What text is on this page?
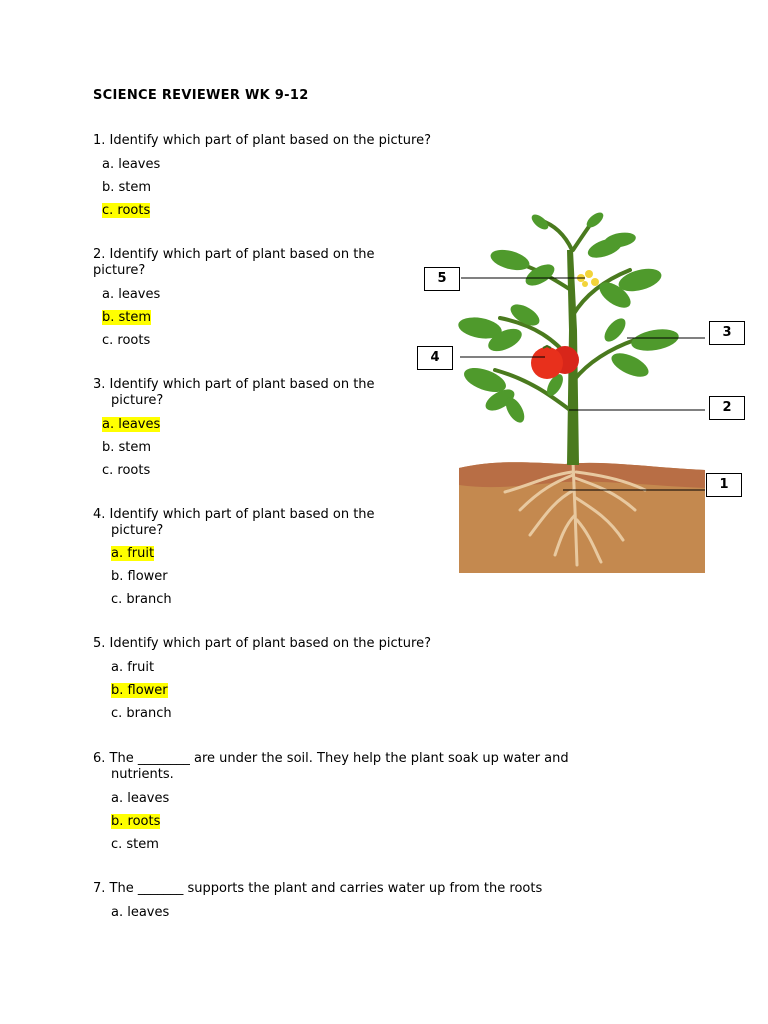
SCIENCE REVIEWER WK 9-12
1. Identify which part of plant based on the picture?
a. leaves
b. stem
c. roots
2. Identify which part of plant based on the picture?
a. leaves
b. stem
c. roots
3. Identify which part of plant based on the
picture?
a. leaves
b. stem
c. roots
4. Identify which part of plant based on the
picture?
a. fruit
b. flower
c. branch
5. Identify which part of plant based on the picture?
a. fruit
b. flower
c. branch
6. The ________ are under the soil. They help the plant soak up water and
nutrients.
a. leaves
b. roots
c. stem
7. The _______ supports the plant and carries water up from the roots
a. leaves
5
4
3
2
1
